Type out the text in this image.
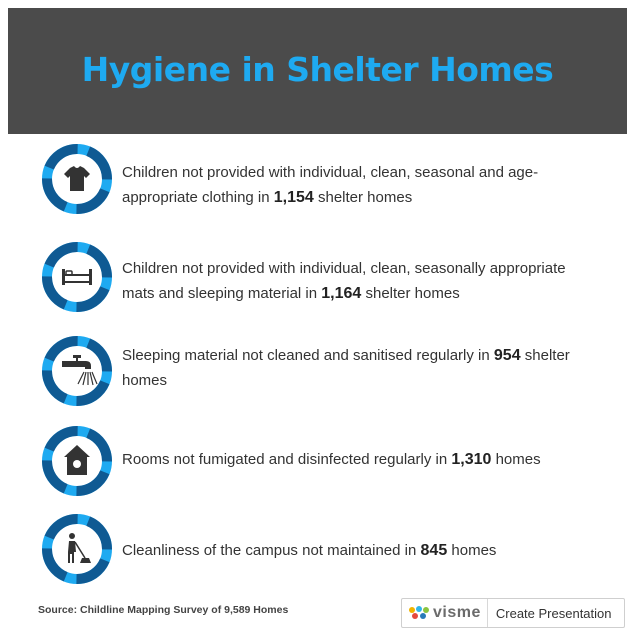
Hygiene in Shelter Homes
Children not provided with individual, clean, seasonal and age-appropriate clothing in 1,154 shelter homes
Children not provided with individual, clean, seasonally appropriate mats and sleeping material in 1,164 shelter homes
Sleeping material not cleaned and sanitised regularly in 954 shelter homes
Rooms not fumigated and disinfected regularly in 1,310 homes
Cleanliness of the campus not maintained in 845 homes
Source: Childline Mapping Survey of 9,589 Homes	visme Create Presentation
